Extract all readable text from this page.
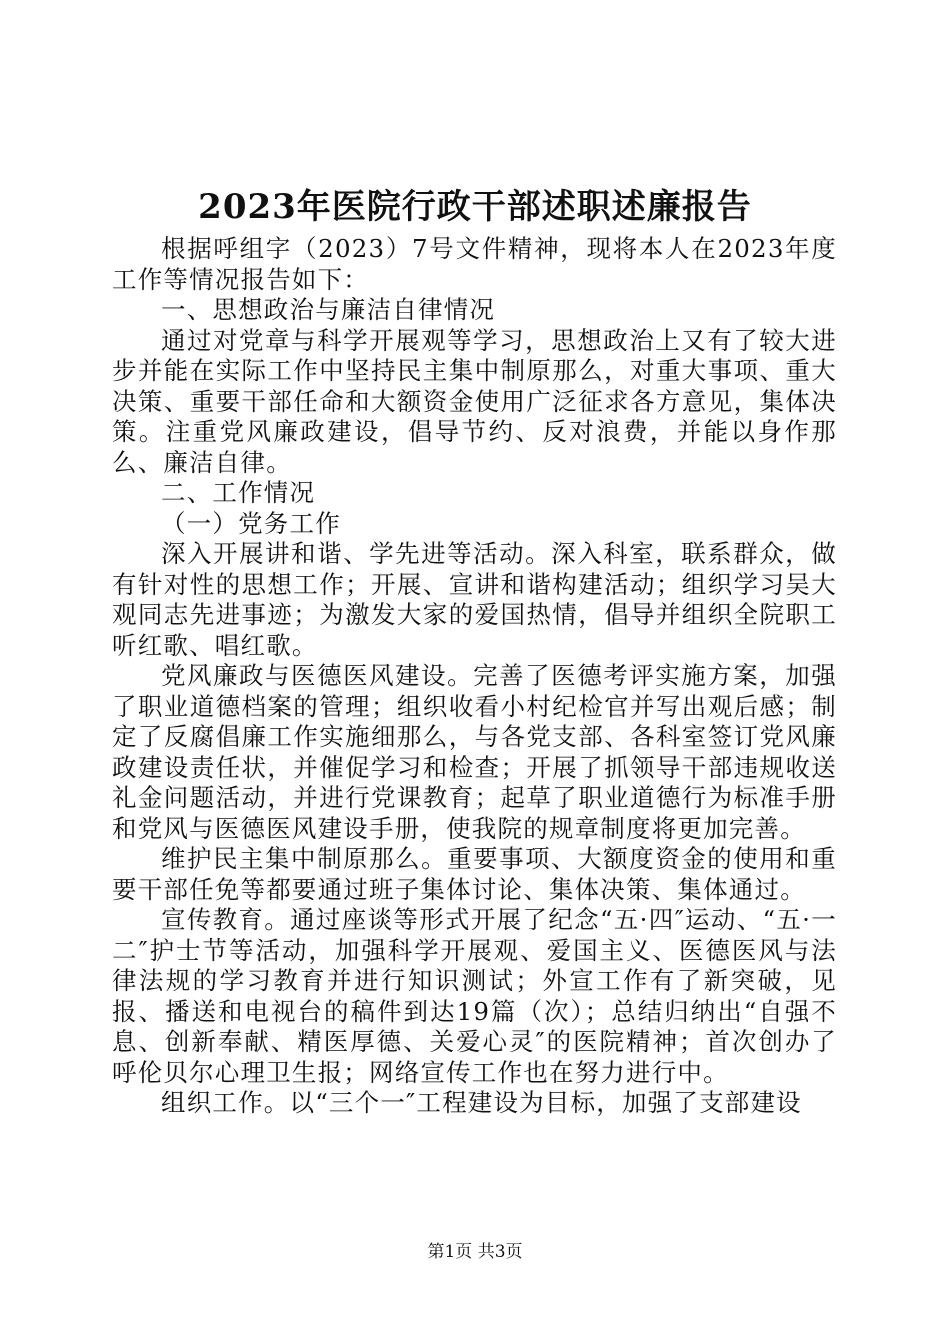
2023年医院行政干部述职述廉报告

根据呼组字（2023）7号文件精神，现将本人在2023年度工作等情况报告如下：

一、思想政治与廉洁自律情况

通过对党章与科学开展观等学习，思想政治上又有了较大进步并能在实际工作中坚持民主集中制原那么，对重大事项、重大决策、重要干部任命和大额资金使用广泛征求各方意见，集体决策。注重党风廉政建设，倡导节约、反对浪费，并能以身作那么、廉洁自律。

二、工作情况

（一）党务工作

深入开展讲和谐、学先进等活动。深入科室，联系群众，做有针对性的思想工作；开展、宣讲和谐构建活动；组织学习吴大观同志先进事迹；为激发大家的爱国热情，倡导并组织全院职工听红歌、唱红歌。

党风廉政与医德医风建设。完善了医德考评实施方案，加强了职业道德档案的管理；组织收看小村纪检官并写出观后感；制定了反腐倡廉工作实施细那么，与各党支部、各科室签订党风廉政建设责任状，并催促学习和检查；开展了抓领导干部违规收送礼金问题活动，并进行党课教育；起草了职业道德行为标准手册和党风与医德医风建设手册，使我院的规章制度将更加完善。

维护民主集中制原那么。重要事项、大额度资金的使用和重要干部任免等都要通过班子集体讨论、集体决策、集体通过。

宣传教育。通过座谈等形式开展了纪念“五·四″运动、“五·一二″护士节等活动，加强科学开展观、爱国主义、医德医风与法律法规的学习教育并进行知识测试；外宣工作有了新突破，见报、播送和电视台的稿件到达19篇（次）；总结归纳出“自强不息、创新奉献、精医厚德、关爱心灵″的医院精神；首次创办了呼伦贝尔心理卫生报；网络宣传工作也在努力进行中。

组织工作。以“三个一″工程建设为目标，加强了支部建设

第1页 共3页
